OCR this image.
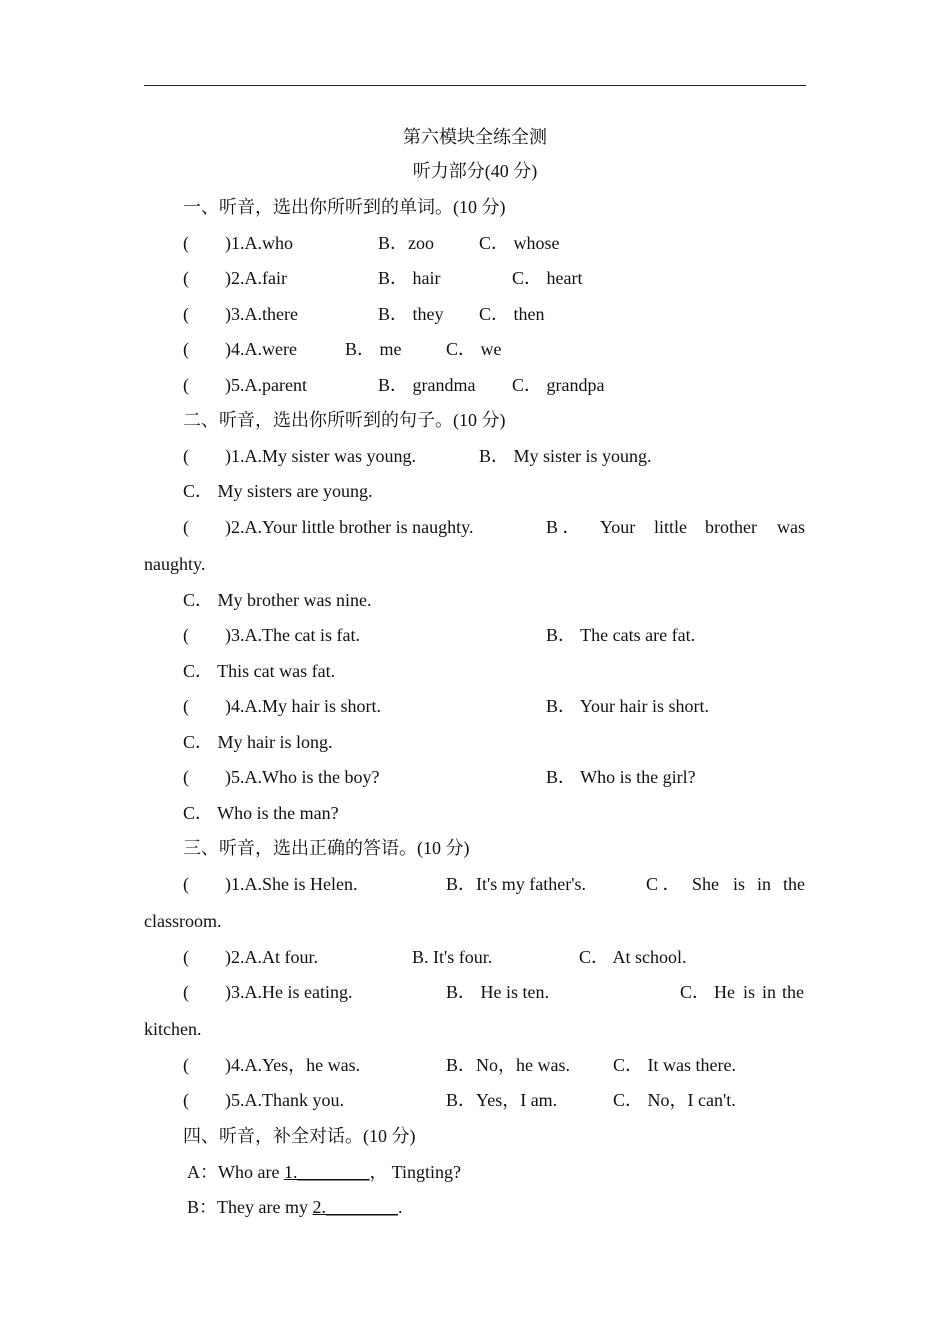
第六模块全练全测
听力部分(40 分)
一、听音，选出你所听到的单词。(10 分)
(　　)1.A.who	B．zoo	C． whose
(　　)2.A.fair	B． hair	C． heart
(　　)3.A.there	B． they C． then
(　　)4.A.were	B． me C． we
(　　)5.A.parent	B． grandma C． grandpa
二、听音，选出你所听到的句子。(10 分)
(　　)1.A.My sister was young.	B． My sister is young.
C． My sisters are young.
(　　)2.A.Your little brother is naughty.	B ． Your little brother was
naughty.
C． My brother was nine.
(　　)3.A.The cat is fat.	B． The cats are fat.
C． This cat was fat.
(　　)4.A.My hair is short.	B． Your hair is short.
C． My hair is long.
(　　)5.A.Who is the boy?	B． Who is the girl?
C． Who is the man?
三、听音，选出正确的答语。(10 分)
(　　)1.A.She is Helen.	B．It's my father's.	C ． She is in the
classroom.
(　　)2.A.At four.	B. It's four.	C． At school.
(　　)3.A.He is eating.	B． He is ten.	C． He is in the
kitchen.
(　　)4.A.Yes，he was.	B．No，he was. C． It was there.
(　　)5.A.Thank you.	B．Yes，I am.	C． No，I can't.
四、听音，补全对话。(10 分)
A：Who are 1.________， Tingting?
B：They are my 2.________.
